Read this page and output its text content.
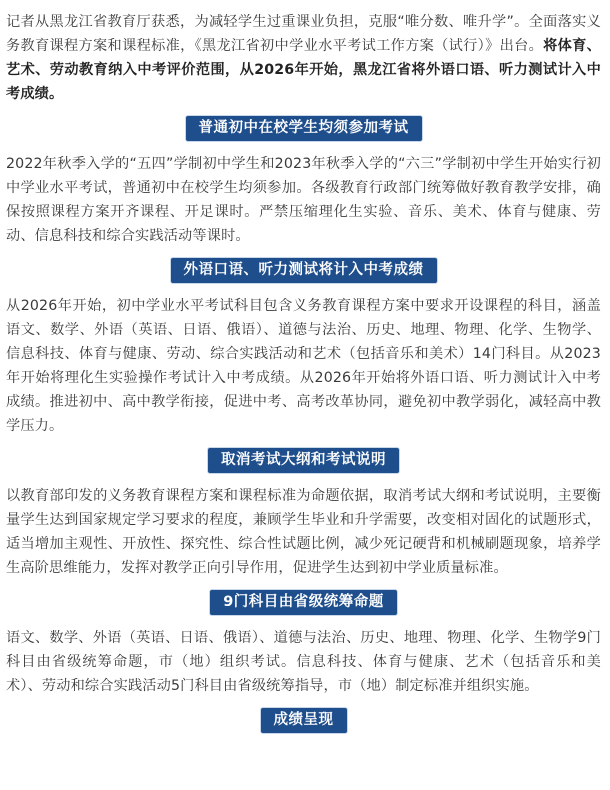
记者从黑龙江省教育厅获悉，为减轻学生过重课业负担，克服“唯分数、唯升学”。全面落实义务教育课程方案和课程标准，《黑龙江省初中学业水平考试工作方案（试行）》出台。将体育、艺术、劳动教育纳入中考评价范围，从2026年开始，黑龙江省将外语口语、听力测试计入中考成绩。

普通初中在校学生均须参加考试

2022年秋季入学的“五四”学制初中学生和2023年秋季入学的“六三”学制初中学生开始实行初中学业水平考试，普通初中在校学生均须参加。各级教育行政部门统筹做好教育教学安排，确保按照课程方案开齐课程、开足课时。严禁压缩理化生实验、音乐、美术、体育与健康、劳动、信息科技和综合实践活动等课时。

外语口语、听力测试将计入中考成绩

从2026年开始，初中学业水平考试科目包含义务教育课程方案中要求开设课程的科目，涵盖语文、数学、外语（英语、日语、俄语）、道德与法治、历史、地理、物理、化学、生物学、信息科技、体育与健康、劳动、综合实践活动和艺术（包括音乐和美术）14门科目。从2023年开始将理化生实验操作考试计入中考成绩。从2026年开始将外语口语、听力测试计入中考成绩。推进初中、高中教学衔接，促进中考、高考改革协同，避免初中教学弱化，减轻高中教学压力。

取消考试大纲和考试说明

以教育部印发的义务教育课程方案和课程标准为命题依据，取消考试大纲和考试说明，主要衡量学生达到国家规定学习要求的程度，兼顾学生毕业和升学需要，改变相对固化的试题形式，适当增加主观性、开放性、探究性、综合性试题比例，减少死记硬背和机械刷题现象，培养学生高阶思维能力，发挥对教学正向引导作用，促进学生达到初中学业质量标准。

9门科目由省级统筹命题

语文、数学、外语（英语、日语、俄语）、道德与法治、历史、地理、物理、化学、生物学9门科目由省级统筹命题，市（地）组织考试。信息科技、体育与健康、艺术（包括音乐和美术）、劳动和综合实践活动5门科目由省级统筹指导，市（地）制定标准并组织实施。

成绩呈现
